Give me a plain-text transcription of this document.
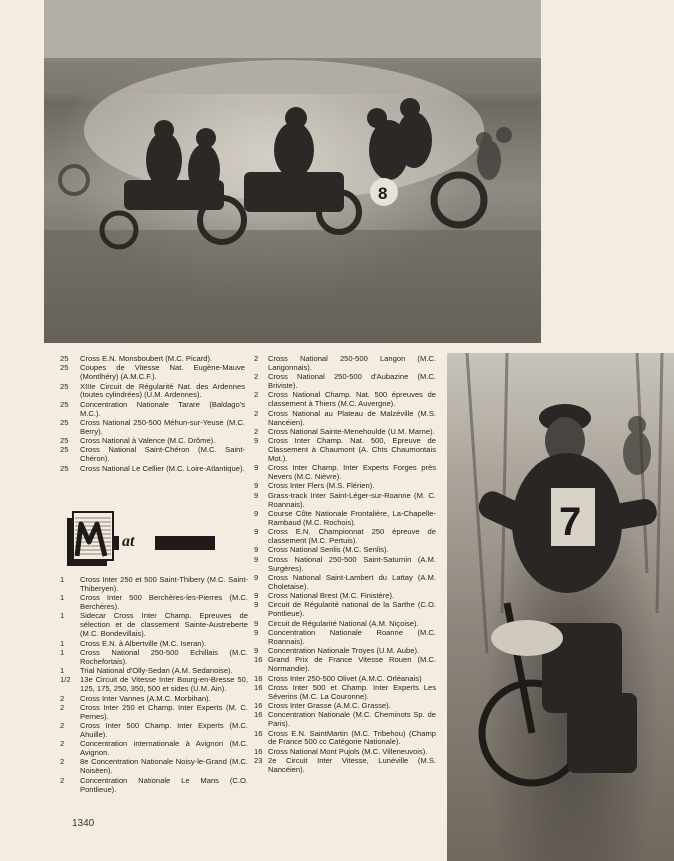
8
7
25	Cross E.N. Monsboubert (M.C. Picard).
25	Coupes de Vitesse Nat. Eugène-Mauve (Montlhéry) (A.M.C.F.).
25	XIIIe Circuit de Régularité Nat. des Ardennes (toutes cylindrées) (U.M. Ardennes).
25	Concentration Nationale Tarare (Baldago's M.C.).
25	Cross National 250-500 Méhun-sur-Yeuse (M.C. Berry).
25	Cross National à Valence (M.C. Drôme).
25	Cross National Saint-Chéron (M.C. Saint-Chéron).
25	Cross National Le Cellier (M.C. Loire-Atlantique).
at
1	Cross Inter 250 et 500 Saint-Thibery (M.C. Saint-Thiberyen).
1	Cross Inter 500 Berchères-les-Pierres (M.C. Berchères).
1	Sidecar Cross Inter Champ. Epreuves de sélection et de classement Sainte-Austreberte (M.C. Bondevillais).
1	Cross E.N. à Albertville (M.C. Iseran).
1	Cross National 250-500 Echillais (M.C. Rochefortais).
1	Trial National d'Olly-Sedan (A.M. Sedanoise).
1/2	13e Circuit de Vitesse Inter Bourg-en-Bresse 50, 125, 175, 250, 350, 500 et sides (U.M. Ain).
2	Cross Inter Vannes (A.M.C. Morbihan).
2	Cross Inter 250 et Champ. Inter Experts (M. C. Pernes).
2	Cross Inter 500 Champ. Inter Experts (M.C. Ahuille).
2	Concentration internationale à Avignon (M.C. Avignon.
2	8e Concentration Nationale Noisy-le-Grand (M.C. Noisëen).
2	Concentration Nationale Le Mans (C.O. Pontlieue).
2	Cross National 250-500 Langon (M.C. Langonnais).
2	Cross National 250-500 d'Aubazine (M.C. Briviste).
2	Cross National Champ. Nat. 500 épreuves de classement à Thiers (M.C. Auvergne).
2	Cross National au Plateau de Malzéville (M.S. Nancéien).
2	Cross National Sainte-Menehoulde (U.M. Marne).
9	Cross Inter Champ. Nat. 500, Epreuve de Classement à Chaumont (A. Chts Chaumontais Mot.).
9	Cross Inter Champ. Inter Experts Forges près Nevers (M.C. Nièvre).
9	Cross Inter Flers (M.S. Flérien).
9	Grass-track Inter Saint-Léger-sur-Roanne (M. C. Roannais).
9	Course Côte Nationale Frontalière, La-Chapelle-Rambaud (M.C. Rochois).
9	Cross E.N. Championnat 250 épreuve de classement (M.C. Pertuis).
9	Cross National Senlis (M.C. Senlis).
9	Cross National 250-500 Saint-Saturnin (A.M. Surgères).
9	Cross National Saint-Lambert du Lattay (A.M. Choletaise).
9	Cross National Brest (M.C. Finistère).
9	Circuit de Régularité national de la Sarthe (C.O. Pontlieue).
9	Circuit de Régularité National (A.M. Niçoise).
9	Concentration Nationale Roanne (M.C. Roannais).
9	Concentration Nationale Troyes (U.M. Aube).
16 Grand Prix de France Vitesse Rouen (M.C. Normandie).
16 Cross Inter 250-500 Olivet (A.M.C. Orléanais)
16 Cross Inter 500 et Champ. Inter Experts Les Séverins (M.C. La Couronne).
16 Cross Inter Grasse (A.M.C. Grasse).
16 Concentration Nationale (M.C. Cheminots Sp. de Paris).
16 Cross E.N. SaintMartin (M.C. Tribehou) (Champ de France 500 cc Catégorie Nationale).
16 Cross National Mont Pujols (M.C. Villeneuvois).
23 2e Circuit Inter Vitesse, Lunéville (M.S. Nancéien).
1340
